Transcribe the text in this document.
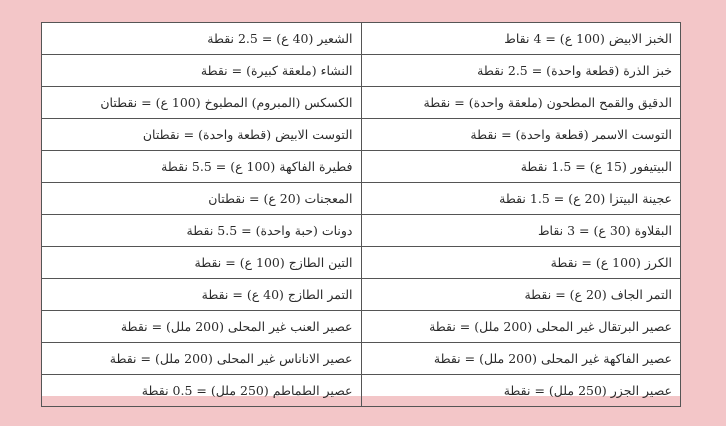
الخبز الابيض (100 ع) = 4 نقاط	الشعير (40 ع) = 2.5 نقطة
خبز الذرة (قطعة واحدة) = 2.5 نقطة	النشاء (ملعقة كبيرة) = نقطة
الدقيق والقمح المطحون (ملعقة واحدة) = نقطة	الكسكس (المبروم) المطبوخ (100 ع) = نقطتان
التوست الاسمر (قطعة واحدة) = نقطة	التوست الابيض (قطعة واحدة) = نقطتان
البيتيفور (15 ع) = 1.5 نقطة	فطيرة الفاكهة (100 ع) = 5.5 نقطة
عجينة البيتزا (20 ع) = 1.5 نقطة	المعجنات (20 ع) = نقطتان
البقلاوة (30 ع) = 3 نقاط	دونات (حبة واحدة) = 5.5 نقطة
الكرز (100 ع) = نقطة	التين الطازج (100 ع) = نقطة
التمر الجاف (20 ع) = نقطة	التمر الطازج (40 ع) = نقطة
عصير البرتقال غير المحلى (200 ملل) = نقطة	عصير العنب غير المحلى (200 ملل) = نقطة
عصير الفاكهة غير المحلى (200 ملل) = نقطة	عصير الاناناس غير المحلى (200 ملل) = نقطة
عصير الجزر (250 ملل) = نقطة	عصير الطماطم (250 ملل) = 0.5 نقطة
